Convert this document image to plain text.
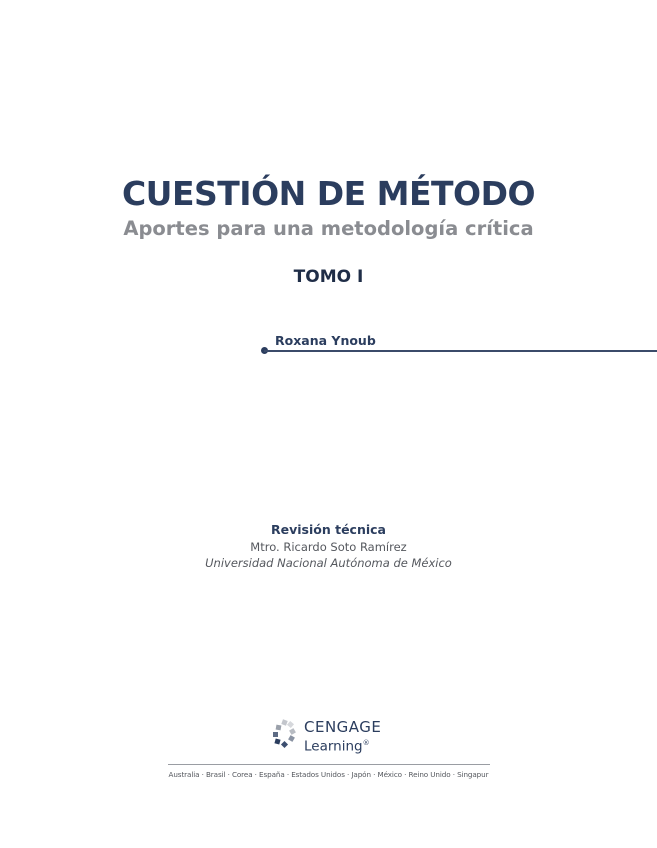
CUESTIÓN DE MÉTODO
Aportes para una metodología crítica
TOMO I
Roxana Ynoub
Revisión técnica
Mtro. Ricardo Soto Ramírez
Universidad Nacional Autónoma de México
CENGAGE
Learning®
Australia · Brasil · Corea · España · Estados Unidos · Japón · México · Reino Unido · Singapur
